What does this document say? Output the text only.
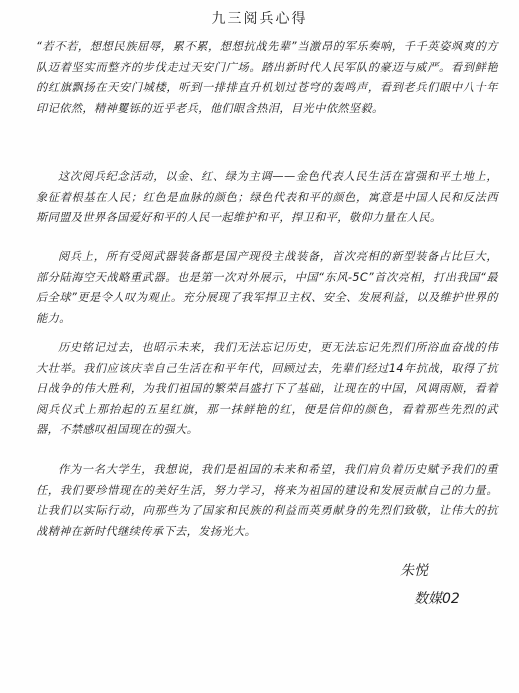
九三阅兵心得
“若不若，想想民族屈辱，累不累，想想抗战先辈”当激昂的军乐奏响，千千英姿飒爽的方队迈着坚实而整齐的步伐走过天安门广场。踏出新时代人民军队的豪迈与威严。看到鲜艳的红旗飘扬在天安门城楼，听到一排排直升机划过苍穹的轰鸣声，看到老兵们眼中八十年印记依然，精神矍铄的近乎老兵，他们眼含热泪，目光中依然坚毅。
这次阅兵纪念活动，以金、红、绿为主调——金色代表人民生活在富强和平土地上，象征着根基在人民；红色是血脉的颜色；绿色代表和平的颜色，寓意是中国人民和反法西斯同盟及世界各国爱好和平的人民一起维护和平，捍卫和平，敬仰力量在人民。
阅兵上，所有受阅武器装备都是国产现役主战装备，首次亮相的新型装备占比巨大，部分陆海空天战略重武器。也是第一次对外展示，中国“东风-5C”首次亮相，打出我国“最后全球”更是令人叹为观止。充分展现了我军捍卫主权、安全、发展利益，以及维护世界的能力。
历史铭记过去，也昭示未来，我们无法忘记历史，更无法忘记先烈们所浴血奋战的伟大壮举。我们应该庆幸自己生活在和平年代，回顾过去，先辈们经过14年抗战，取得了抗日战争的伟大胜利，为我们祖国的繁荣昌盛打下了基础，让现在的中国，风调雨顺，看着阅兵仪式上那抬起的五星红旗，那一抹鲜艳的红，便是信仰的颜色，看着那些先烈的武器，不禁感叹祖国现在的强大。
作为一名大学生，我想说，我们是祖国的未来和希望，我们肩负着历史赋予我们的重任，我们要珍惜现在的美好生活，努力学习，将来为祖国的建设和发展贡献自己的力量。让我们以实际行动，向那些为了国家和民族的利益而英勇献身的先烈们致敬，让伟大的抗战精神在新时代继续传承下去，发扬光大。
朱悦
数媒02
